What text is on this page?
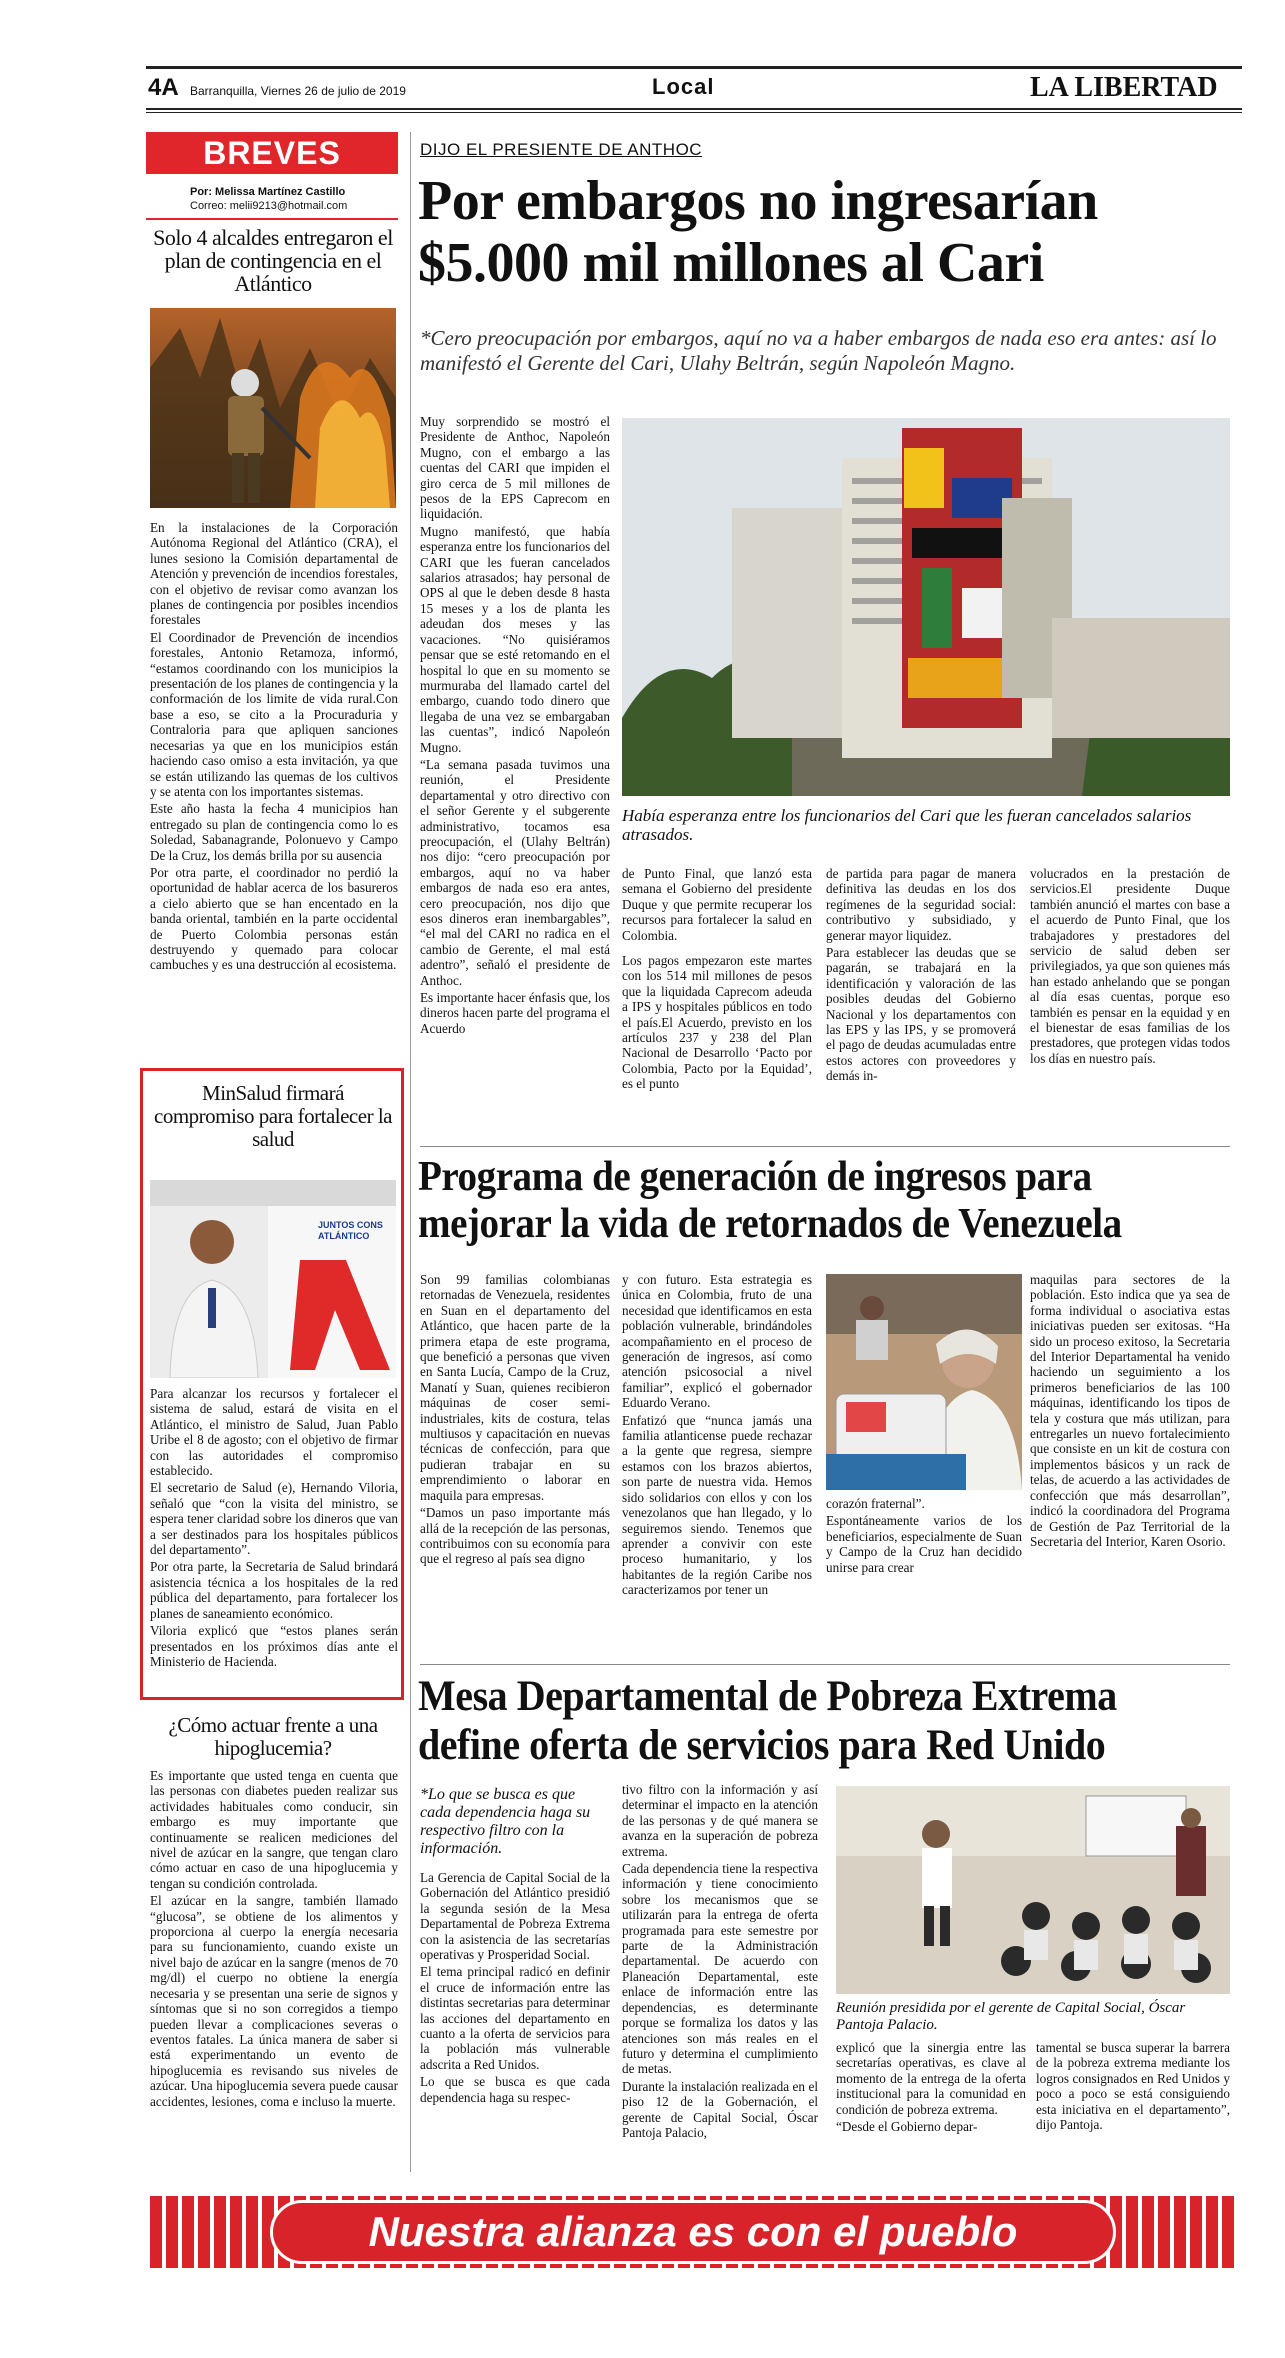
4A Barranquilla, Viernes 26 de julio de 2019	Local	LA LIBERTAD
BREVES
Por: Melissa Martínez Castillo
Correo: melii9213@hotmail.com
Solo 4 alcaldes entregaron el plan de contingencia en el Atlántico

En la instalaciones de la Corporación Autónoma Regional del Atlántico (CRA), el lunes sesiono la Comisión departamental de Atención y prevención de incendios forestales, con el objetivo de revisar como avanzan los planes de contingencia por posibles incendios forestales

El Coordinador de Prevención de incendios forestales, Antonio Retamoza, informó, “estamos coordinando con los municipios la presentación de los planes de contingencia y la conformación de los limite de vida rural.Con base a eso, se cito a la Procuraduria y Contraloria para que apliquen sanciones necesarias ya que en los municipios están haciendo caso omiso a esta invitación, ya que se están utilizando las quemas de los cultivos y se atenta con los importantes sistemas.

Este año hasta la fecha 4 municipios han entregado su plan de contingencia como lo es Soledad, Sabanagrande, Polonuevo y Campo De la Cruz, los demás brilla por su ausencia

Por otra parte, el coordinador no perdió la oportunidad de hablar acerca de los basureros a cielo abierto que se han encentado en la banda oriental, también en la parte occidental de Puerto Colombia personas están destruyendo y quemado para colocar cambuches y es una destrucción al ecosistema.

MinSalud firmará compromiso para fortalecer la salud
JUNTOS CONS ATLÁNTICO

Para alcanzar los recursos y fortalecer el sistema de salud, estará de visita en el Atlántico, el ministro de Salud, Juan Pablo Uribe el 8 de agosto; con el objetivo de firmar con las autoridades el compromiso establecido.

El secretario de Salud (e), Hernando Viloria, señaló que “con la visita del ministro, se espera tener claridad sobre los dineros que van a ser destinados para los hospitales públicos del departamento”.

Por otra parte, la Secretaria de Salud brindará asistencia técnica a los hospitales de la red pública del departamento, para fortalecer los planes de saneamiento económico.

Viloria explicó que “estos planes serán presentados en los próximos días ante el Ministerio de Hacienda.

¿Cómo actuar frente a una hipoglucemia?

Es importante que usted tenga en cuenta que las personas con diabetes pueden realizar sus actividades habituales como conducir, sin embargo es muy importante que continuamente se realicen mediciones del nivel de azúcar en la sangre, que tengan claro cómo actuar en caso de una hipoglucemia y tengan su condición controlada.

El azúcar en la sangre, también llamado “glucosa”, se obtiene de los alimentos y proporciona al cuerpo la energía necesaria para su funcionamiento, cuando existe un nivel bajo de azúcar en la sangre (menos de 70 mg/dl) el cuerpo no obtiene la energía necesaria y se presentan una serie de signos y síntomas que si no son corregidos a tiempo pueden llevar a complicaciones severas o eventos fatales. La única manera de saber si está experimentando un evento de hipoglucemia es revisando sus niveles de azúcar. Una hipoglucemia severa puede causar accidentes, lesiones, coma e incluso la muerte.

DIJO EL PRESIENTE DE ANTHOC
Por embargos no ingresarían $5.000 mil millones al Cari
*Cero preocupación por embargos, aquí no va a haber embargos de nada eso era antes: así lo manifestó el Gerente del Cari, Ulahy Beltrán, según Napoleón Magno.

Muy sorprendido se mostró el Presidente de Anthoc, Napoleón Mugno, con el embargo a las cuentas del CARI que impiden el giro cerca de 5 mil millones de pesos de la EPS Caprecom en liquidación.

Mugno manifestó, que había esperanza entre los funcionarios del CARI que les fueran cancelados salarios atrasados; hay personal de OPS al que le deben desde 8 hasta 15 meses y a los de planta les adeudan dos meses y las vacaciones. “No quisiéramos pensar que se esté retomando en el hospital lo que en su momento se murmuraba del llamado cartel del embargo, cuando todo dinero que llegaba de una vez se embargaban las cuentas”, indicó Napoleón Mugno.

“La semana pasada tuvimos una reunión, el Presidente departamental y otro directivo con el señor Gerente y el subgerente administrativo, tocamos esa preocupación, el (Ulahy Beltrán) nos dijo: “cero preocupación por embargos, aquí no va haber embargos de nada eso era antes, cero preocupación, nos dijo que esos dineros eran inembargables”, “el mal del CARI no radica en el cambio de Gerente, el mal está adentro”, señaló el presidente de Anthoc.

Es importante hacer énfasis que, los dineros hacen parte del programa el Acuerdo

Había esperanza entre los funcionarios del Cari que les fueran cancelados salarios atrasados.

de Punto Final, que lanzó esta semana el Gobierno del presidente Duque y que permite recuperar los recursos para fortalecer la salud en Colombia.

Los pagos empezaron este martes con los 514 mil millones de pesos que la liquidada Caprecom adeuda a IPS y hospitales públicos en todo el país.El Acuerdo, previsto en los artículos 237 y 238 del Plan Nacional de Desarrollo ‘Pacto por Colombia, Pacto por la Equidad’, es el punto

de partida para pagar de manera definitiva las deudas en los dos regímenes de la seguridad social: contributivo y subsidiado, y generar mayor liquidez.

Para establecer las deudas que se pagarán, se trabajará en la identificación y valoración de las posibles deudas del Gobierno Nacional y los departamentos con las EPS y las IPS, y se promoverá el pago de deudas acumuladas entre estos actores con proveedores y demás in-

volucrados en la prestación de servicios.El presidente Duque también anunció el martes con base a el acuerdo de Punto Final, que los trabajadores y prestadores del servicio de salud deben ser privilegiados, ya que son quienes más han estado anhelando que se pongan al día esas cuentas, porque eso también es pensar en la equidad y en el bienestar de esas familias de los prestadores, que protegen vidas todos los días en nuestro país.

Programa de generación de ingresos para mejorar la vida de retornados de Venezuela

Son 99 familias colombianas retornadas de Venezuela, residentes en Suan en el departamento del Atlántico, que hacen parte de la primera etapa de este programa, que benefició a personas que viven en Santa Lucía, Campo de la Cruz, Manatí y Suan, quienes recibieron máquinas de coser semi-industriales, kits de costura, telas multiusos y capacitación en nuevas técnicas de confección, para que pudieran trabajar en su emprendimiento o laborar en maquila para empresas.

“Damos un paso importante más allá de la recepción de las personas, contribuimos con su economía para que el regreso al país sea digno

y con futuro. Esta estrategia es única en Colombia, fruto de una necesidad que identificamos en esta población vulnerable, brindándoles acompañamiento en el proceso de generación de ingresos, así como atención psicosocial a nivel familiar”, explicó el gobernador Eduardo Verano.

Enfatizó que “nunca jamás una familia atlanticense puede rechazar a la gente que regresa, siempre estamos con los brazos abiertos, son parte de nuestra vida. Hemos sido solidarios con ellos y con los venezolanos que han llegado, y lo seguiremos siendo. Tenemos que aprender a convivir con este proceso humanitario, y los habitantes de la región Caribe nos caracterizamos por tener un

corazón fraternal”.

Espontáneamente varios de los beneficiarios, especialmente de Suan y Campo de la Cruz han decidido unirse para crear

maquilas para sectores de la población. Esto indica que ya sea de forma individual o asociativa estas iniciativas pueden ser exitosas. “Ha sido un proceso exitoso, la Secretaria del Interior Departamental ha venido haciendo un seguimiento a los primeros beneficiarios de las 100 máquinas, identificando los tipos de tela y costura que más utilizan, para entregarles un nuevo fortalecimiento que consiste en un kit de costura con implementos básicos y un rack de telas, de acuerdo a las actividades de confección que más desarrollan”, indicó la coordinadora del Programa de Gestión de Paz Territorial de la Secretaria del Interior, Karen Osorio.

Mesa Departamental de Pobreza Extrema define oferta de servicios para Red Unido
*Lo que se busca es que cada dependencia haga su respectivo filtro con la información.

La Gerencia de Capital Social de la Gobernación del Atlántico presidió la segunda sesión de la Mesa Departamental de Pobreza Extrema con la asistencia de las secretarías operativas y Prosperidad Social.

El tema principal radicó en definir el cruce de información entre las distintas secretarias para determinar las acciones del departamento en cuanto a la oferta de servicios para la población más vulnerable adscrita a Red Unidos.

Lo que se busca es que cada dependencia haga su respec-

tivo filtro con la información y así determinar el impacto en la atención de las personas y de qué manera se avanza en la superación de pobreza extrema.

Cada dependencia tiene la respectiva información y tiene conocimiento sobre los mecanismos que se utilizarán para la entrega de oferta programada para este semestre por parte de la Administración departamental. De acuerdo con Planeación Departamental, este enlace de información entre las dependencias, es determinante porque se formaliza los datos y las atenciones son más reales en el futuro y determina el cumplimiento de metas.

Durante la instalación realizada en el piso 12 de la Gobernación, el gerente de Capital Social, Óscar Pantoja Palacio,

Reunión presidida por el gerente de Capital Social, Óscar Pantoja Palacio.

explicó que la sinergia entre las secretarías operativas, es clave al momento de la entrega de la oferta institucional para la comunidad en condición de pobreza extrema.

“Desde el Gobierno depar-

tamental se busca superar la barrera de la pobreza extrema mediante los logros consignados en Red Unidos y poco a poco se está consiguiendo esta iniciativa en el departamento”, dijo Pantoja.

Nuestra alianza es con el pueblo
